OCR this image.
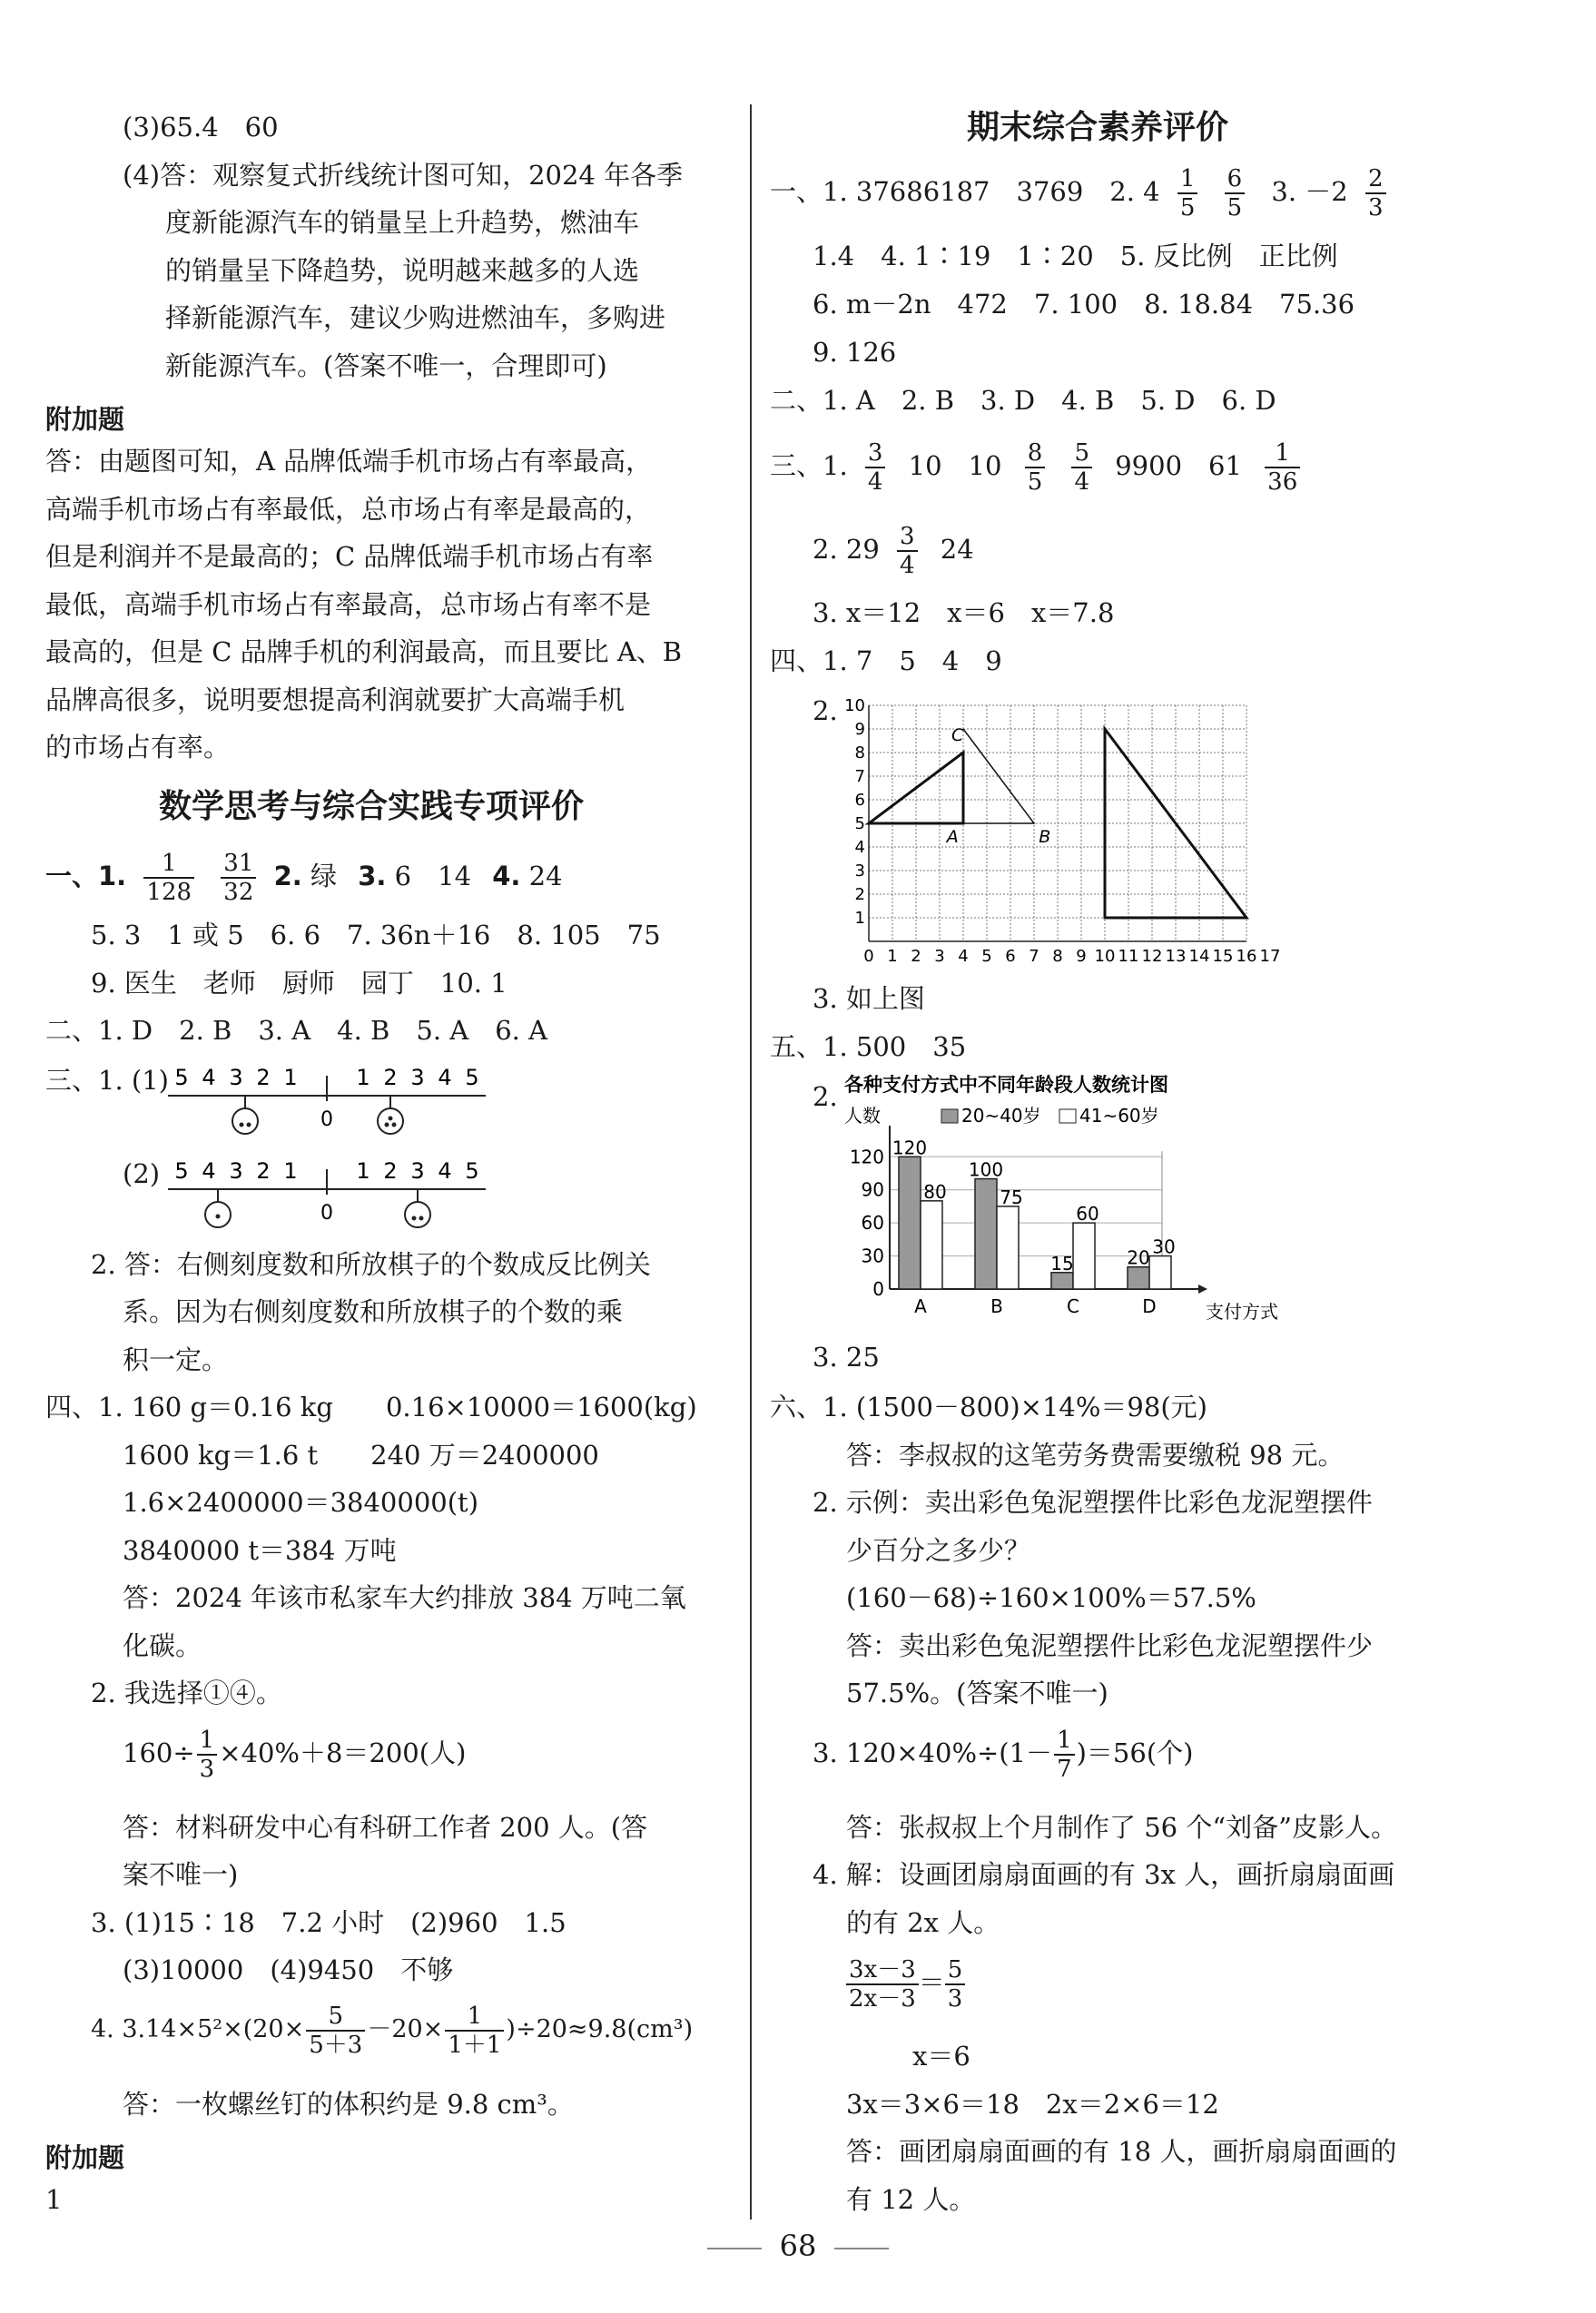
(3)65.4　60
(4)答：观察复式折线统计图可知，2024 年各季
度新能源汽车的销量呈上升趋势，燃油车
的销量呈下降趋势，说明越来越多的人选
择新能源汽车，建议少购进燃油车，多购进
新能源汽车。(答案不唯一，合理即可)
附加题
答：由题图可知，A 品牌低端手机市场占有率最高，
高端手机市场占有率最低，总市场占有率是最高的，
但是利润并不是最高的；C 品牌低端手机市场占有率
最低，高端手机市场占有率最高，总市场占有率不是
最高的，但是 C 品牌手机的利润最高，而且要比 A、B
品牌高很多，说明要想提高利润就要扩大高端手机
的市场占有率。
数学思考与综合实践专项评价
一、1. $\frac{1}{128}$
$\frac{31}{32} 2$. 绿 3. 6　14 4. 24
5. 3　1 或 5　6. 6　7. 36n＋16　8. 105　75
9. 医生　老师　厨师　园丁　10. 1
二、1. D　2. B　3. A　4. B　5. A　6. A
三、1. (1)
0
5 4 3 2 1	1 2 3 4 5
(2)
0
5 4 3 2 1	1 2 3 4 5
2. 答：右侧刻度数和所放棋子的个数成反比例关
系。因为右侧刻度数和所放棋子的个数的乘
积一定。
四、1. 160 g＝0.16 kg　　0.16×10000＝1600(kg)
1600 kg＝1.6 t　　240 万＝2400000
1.6×2400000＝3840000(t)
3840000 t＝384 万吨
答：2024 年该市私家车大约排放 384 万吨二氧
化碳。
2. 我选择①④。
$160\div \frac{1}{3} \times 40\%+8=200$(人)
答：材料研发中心有科研工作者 200 人。(答
案不唯一)
3. (1)15∶18　7.2 小时　(2)960　1.5
(3)10000　(4)9450　不够
4. $3.14\times 5^2\times(20\times \frac{5}{5+3} -20\times \frac{1}{1+1} )\div 20\approx 9.8(cm^3)$
答：一枚螺丝钉的体积约是 9.8 cm³。
附加题
1
期末综合素养评价
一、1. 37686187　3769　2. $4 \frac{1}{5}$
$\frac{6}{5} 3$. $-2 \frac{2}{3}$
1.4　4. 1∶19　1∶20　5. 反比例　正比例
6. m－2n　472　7. 100　8. 18.84　75.36
9. 126
二、1. A　2. B　3. D　4. B　5. D　6. D
三、1. $\frac{3}{4} 10$　$10 \frac{8}{5}$
$\frac{5}{4} 9900$　$61 \frac{1}{36}$
2. $29 \frac{3}{4} 24$
3. x＝12　x＝6　x＝7.8
四、1. 7　5　4　9
2.
C
A	B
0 1 2 3 4 5 6 7 8 9 10 11 12 13 14 15 16 17
1
2
3
4
5
6
7
8
9
10
3. 如上图
五、1. 500　35
2. 各种支付方式中不同年龄段人数统计图
人数	20~40岁 41~60岁
支付方式
0
30
60
90
120 120
80
A
100
75
B
15
60
C
20
30
D
3. 25
六、1. (1500－800)×14%＝98(元)
答：李叔叔的这笔劳务费需要缴税 98 元。
2. 示例：卖出彩色兔泥塑摆件比彩色龙泥塑摆件
少百分之多少？
(160－68)÷160×100%＝57.5%
答：卖出彩色兔泥塑摆件比彩色龙泥塑摆件少
57.5%。(答案不唯一)
3. $120\times 40\%\div(1- \frac{1}{7} )=56$(个)
答：张叔叔上个月制作了 56 个“刘备”皮影人。
4. 解：设画团扇扇面画的有 3x 人，画折扇扇面画
的有 2x 人。
$\frac{3x-3}{2x-3} = \frac{5}{3}$
x＝6
3x＝3×6＝18　2x＝2×6＝12
答：画团扇扇面画的有 18 人，画折扇扇面画的
有 12 人。
68
